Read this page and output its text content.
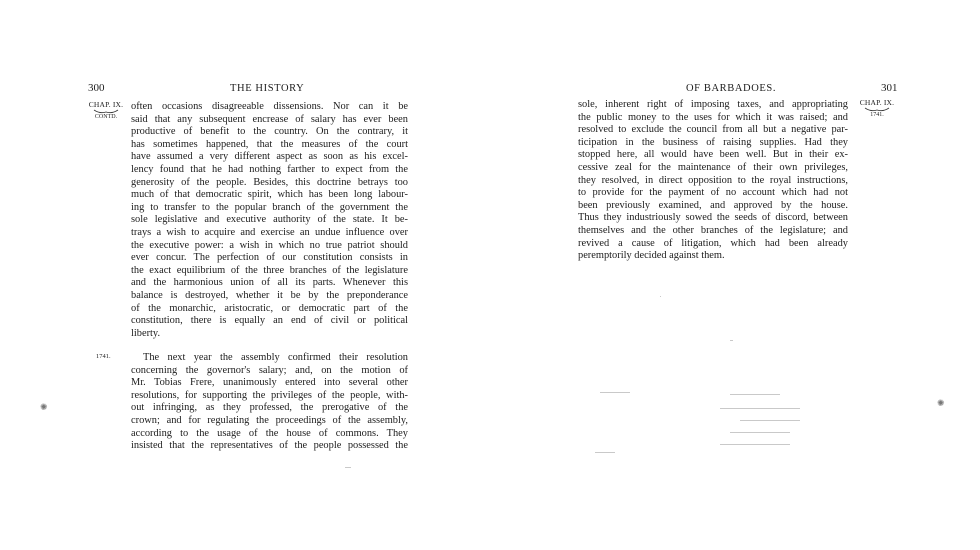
300	THE HISTORY
CHAP. IX.
CONTD.
1741.
often occasions disagreeable dissensions. Nor can it be
said that any subsequent encrease of salary has ever been
productive of benefit to the country. On the contrary, it
has sometimes happened, that the measures of the court
have assumed a very different aspect as soon as his excel-
lency found that he had nothing farther to expect from the
generosity of the people. Besides, this doctrine betrays too
much of that democratic spirit, which has been long labour-
ing to transfer to the popular branch of the government the
sole legislative and executive authority of the state. It be-
trays a wish to acquire and exercise an undue influence over
the executive power: a wish in which no true patriot should
ever concur. The perfection of our constitution consists in
the exact equilibrium of the three branches of the legislature
and the harmonious union of all its parts. Whenever this
balance is destroyed, whether it be by the preponderance
of the monarchic, aristocratic, or democratic part of the
constitution, there is equally an end of civil or political
liberty.
The next year the assembly confirmed their resolution
concerning the governor's salary; and, on the motion of
Mr. Tobias Frere, unanimously entered into several other
resolutions, for supporting the privileges of the people, with-
out infringing, as they professed, the prerogative of the
crown; and for regulating the proceedings of the assembly,
according to the usage of the house of commons. They
insisted that the representatives of the people possessed the
✺
OF BARBADOES.	301
CHAP. IX.
1741.
sole, inherent right of imposing taxes, and appropriating
the public money to the uses for which it was raised; and
resolved to exclude the council from all but a negative par-
ticipation in the business of raising supplies. Had they
stopped here, all would have been well. But in their ex-
cessive zeal for the maintenance of their own privileges,
they resolved, in direct opposition to the royal instructions,
to provide for the payment of no account which had not
been previously examined, and approved by the house.
Thus they industriously sowed the seeds of discord, between
themselves and the other branches of the legislature; and
revived a cause of litigation, which had been already
peremptorily decided against them.
✺
